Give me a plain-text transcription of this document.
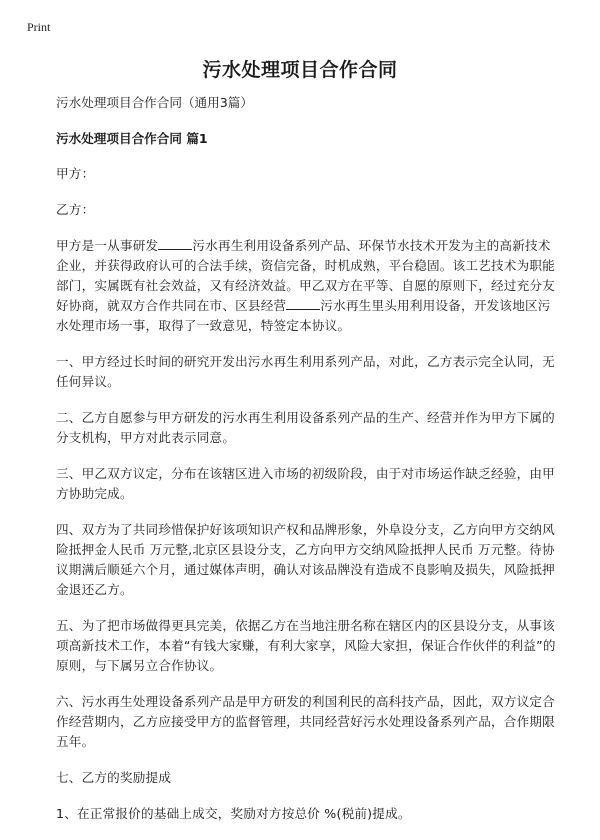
Print
污水处理项目合作合同
污水处理项目合作合同（通用3篇）
污水处理项目合作合同 篇1

甲方：

乙方：

甲方是一从事研发	污水再生利用设备系列产品、环保节水技术开发为主的高新技术企业，并获得政府认可的合法手续，资信完备，时机成熟，平台稳固。该工艺技术为职能部门，实属既有社会效益，又有经济效益。甲乙双方在平等、自愿的原则下，经过充分友好协商，就双方合作共同在市、区县经营	污水再生里头用利用设备，开发该地区污水处理市场一事，取得了一致意见，特签定本协议。

一、甲方经过长时间的研究开发出污水再生利用系列产品，对此，乙方表示完全认同，无任何异议。

二、乙方自愿参与甲方研发的污水再生利用设备系列产品的生产、经营并作为甲方下属的分支机构，甲方对此表示同意。

三、甲乙双方议定，分布在该辖区进入市场的初级阶段，由于对市场运作缺乏经验，由甲方协助完成。

四、双方为了共同珍惜保护好该项知识产权和品牌形象，外阜设分支，乙方向甲方交纳风险抵押金人民币 万元整,北京区县设分支，乙方向甲方交纳风险抵押人民币 万元整。待协议期满后顺延六个月，通过媒体声明，确认对该品牌没有造成不良影响及损失，风险抵押金退还乙方。

五、为了把市场做得更具完美，依据乙方在当地注册名称在辖区内的区县设分支，从事该项高新技术工作，本着“有钱大家赚，有利大家享，风险大家担，保证合作伙伴的利益”的原则，与下属另立合作协议。

六、污水再生处理设备系列产品是甲方研发的利国利民的高科技产品，因此，双方议定合作经营期内，乙方应接受甲方的监督管理，共同经营好污水处理设备系列产品，合作期限五年。

七、乙方的奖励提成

1、在正常报价的基础上成交，奖励对方按总价 %(税前)提成。
